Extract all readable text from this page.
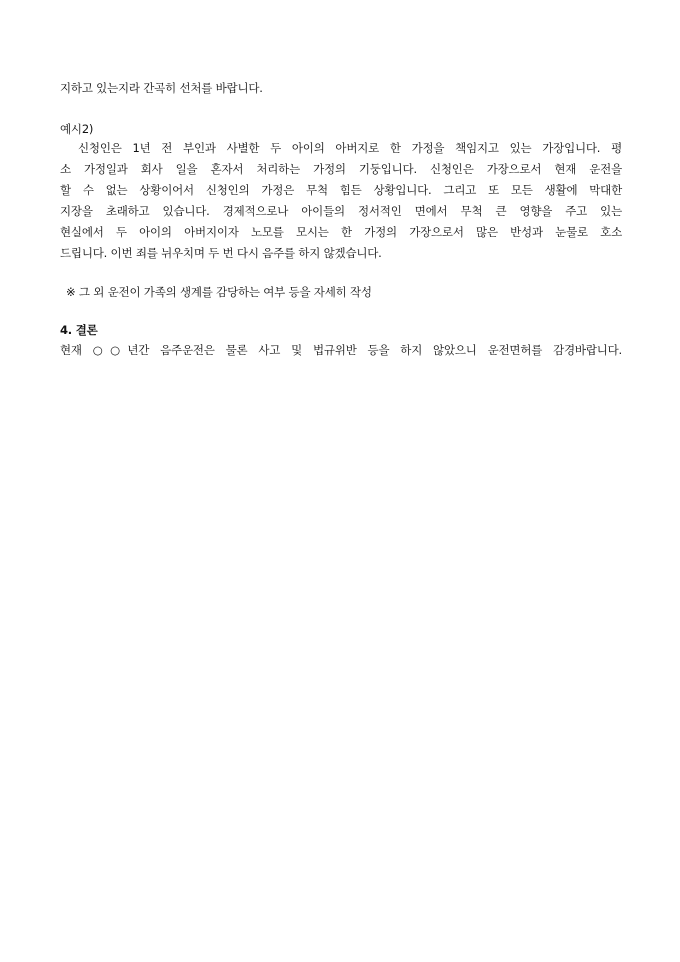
지하고 있는지라 간곡히 선처를 바랍니다.
예시2)
신청인은 1년 전 부인과 사별한 두 아이의 아버지로 한 가정을 책임지고 있는 가장입니다. 평
소 가정일과 회사 일을 혼자서 처리하는 가정의 기둥입니다. 신청인은 가장으로서 현재 운전을
할 수 없는 상황이어서 신청인의 가정은 무척 힘든 상황입니다. 그리고 또 모든 생활에 막대한
지장을 초래하고 있습니다. 경제적으로나 아이들의 정서적인 면에서 무척 큰 영향을 주고 있는
현실에서 두 아이의 아버지이자 노모를 모시는 한 가정의 가장으로서 많은 반성과 눈물로 호소
드립니다. 이번 죄를 뉘우치며 두 번 다시 음주를 하지 않겠습니다.
※ 그 외 운전이 가족의 생계를 감당하는 여부 등을 자세히 작성
4. 결론
현재 ○○년간 음주운전은 물론 사고 및 법규위반 등을 하지 않았으니 운전면허를 감경바랍니다.
